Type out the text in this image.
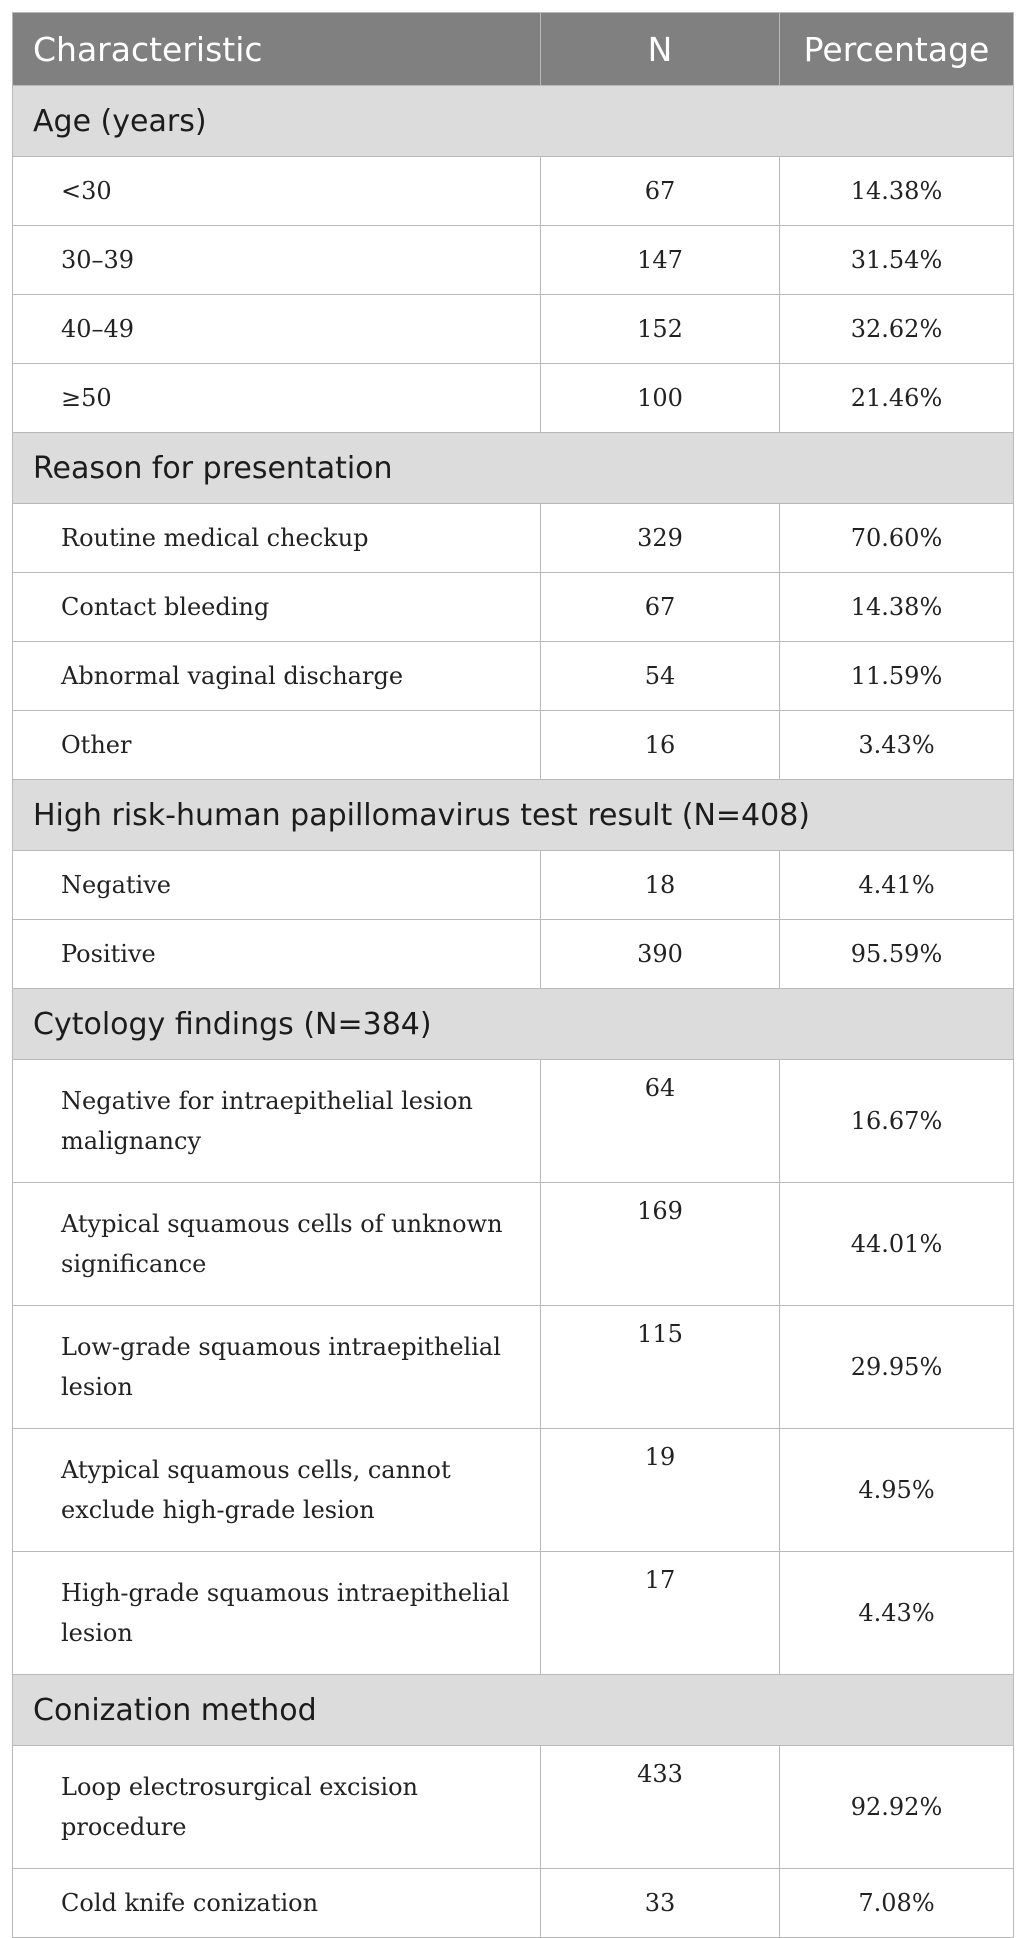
Characteristic	N	Percentage
Age (years)		
<30	67	14.38%
30–39	147	31.54%
40–49	152	32.62%
≥50	100	21.46%
Reason for presentation		
Routine medical checkup	329	70.60%
Contact bleeding	67	14.38%
Abnormal vaginal discharge	54	11.59%
Other	16	3.43%
High risk-human papillomavirus test result (N=408)		
Negative	18	4.41%
Positive	390	95.59%
Cytology findings (N=384)		
Negative for intraepithelial lesion malignancy	64	16.67%
Atypical squamous cells of unknown significance	169	44.01%
Low-grade squamous intraepithelial lesion	115	29.95%
Atypical squamous cells, cannot exclude high-grade lesion	19	4.95%
High-grade squamous intraepithelial lesion	17	4.43%
Conization method		
Loop electrosurgical excision procedure	433	92.92%
Cold knife conization	33	7.08%
